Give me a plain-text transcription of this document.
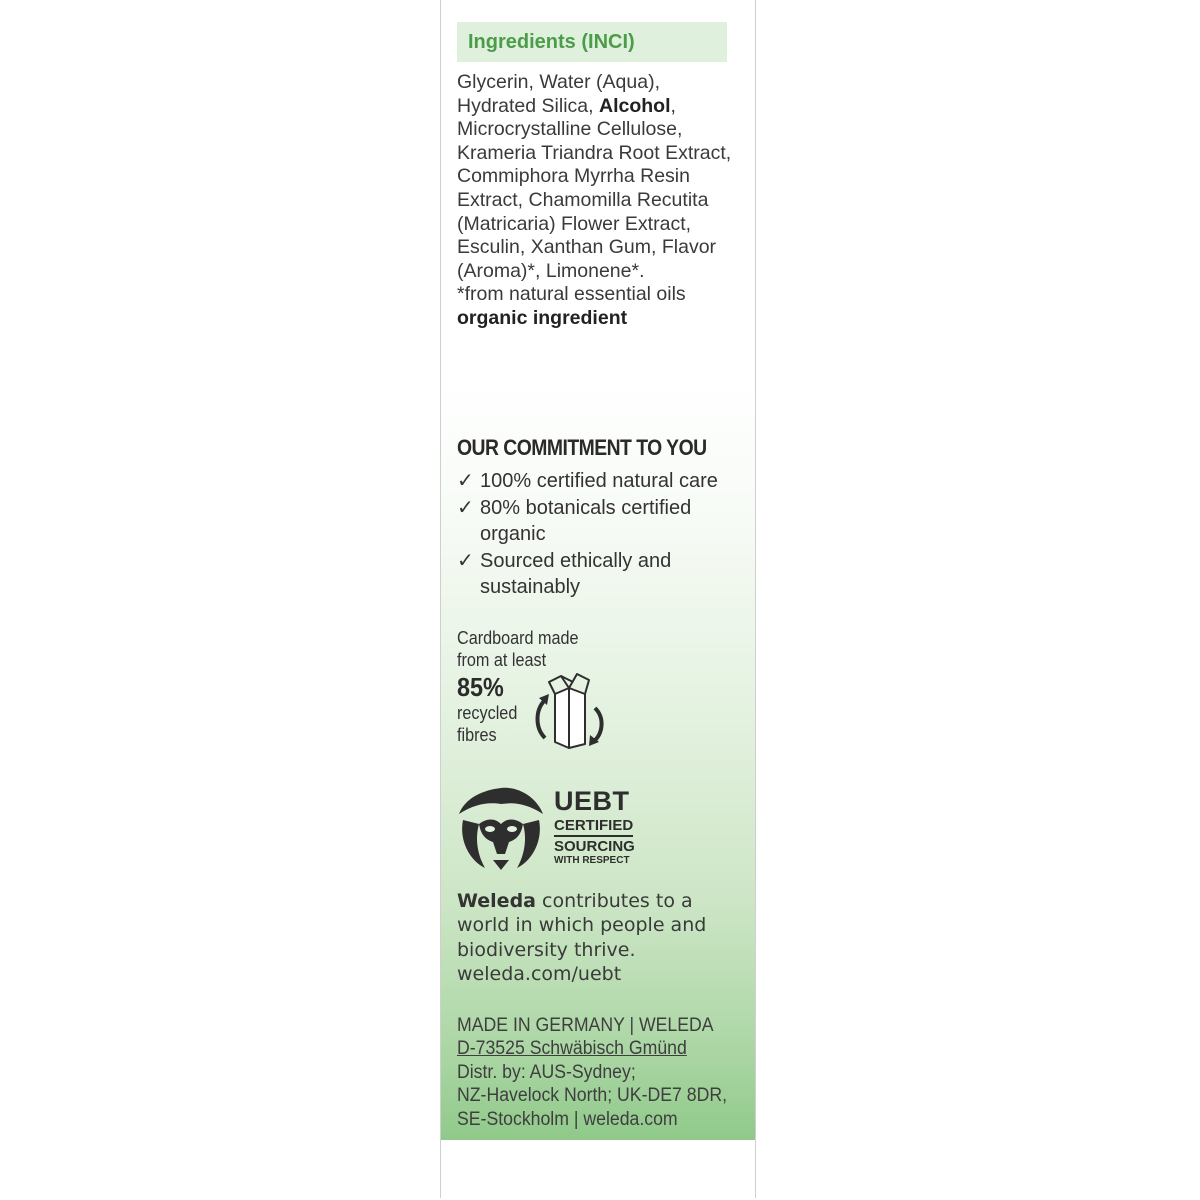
Ingredients (INCI)
Glycerin, Water (Aqua),
Hydrated Silica, Alcohol,
Microcrystalline Cellulose, Krameria Triandra Root Extract, Commiphora Myrrha Resin Extract, Chamomilla Recutita (Matricaria) Flower Extract, Esculin, Xanthan Gum, Flavor (Aroma)*, Limonene*.
*from natural essential oils
organic ingredient
OUR COMMITMENT TO YOU
✓ 100% certified natural care
✓ 80% botanicals certified organic
✓ Sourced ethically and sustainably
Cardboard made
from at least
85%
recycled
fibres
UEBT
CERTIFIED
SOURCING
WITH RESPECT
Weleda contributes to a world in which people and biodiversity thrive.
weleda.com/uebt
MADE IN GERMANY | WELEDA
D-73525 Schwäbisch Gmünd
Distr. by: AUS-Sydney;
NZ-Havelock North; UK-DE7 8DR,
SE-Stockholm | weleda.com
